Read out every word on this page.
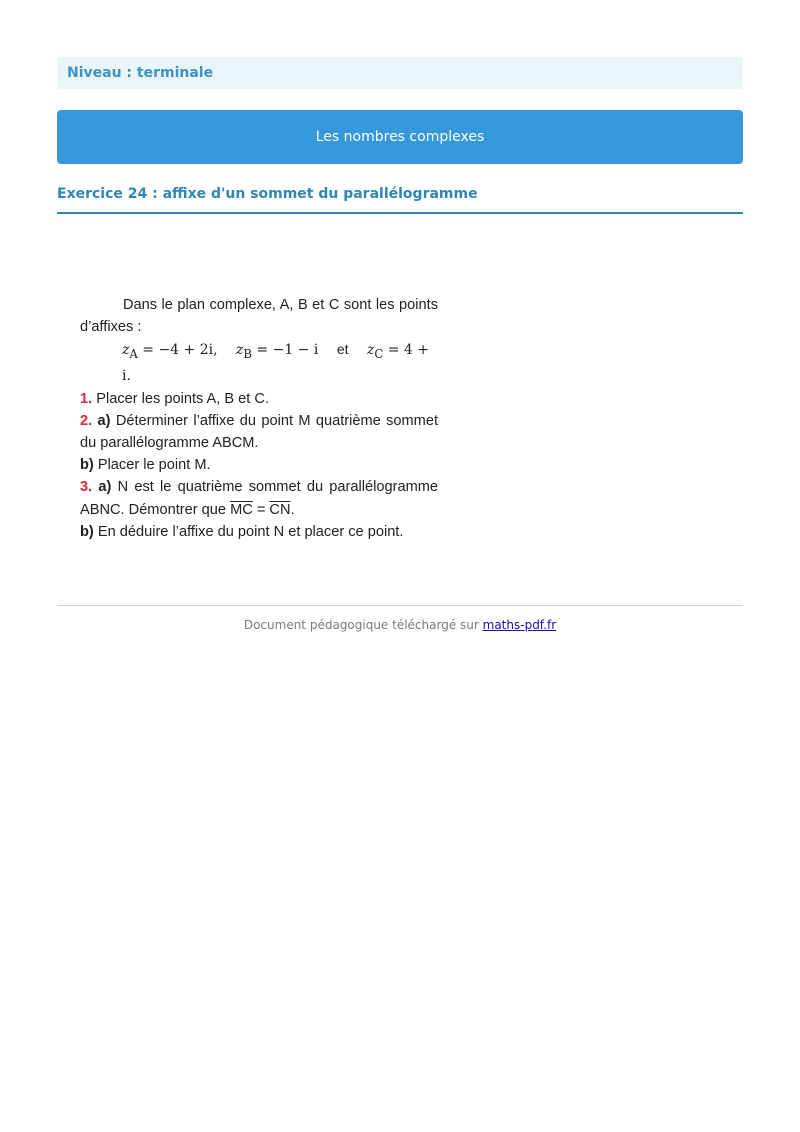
Niveau : terminale
Les nombres complexes
Exercice 24 : affixe d'un sommet du parallélogramme

Dans le plan complexe, A, B et C sont les points d’affixes :

$z_A = -4 + 2i$, $z_B = -1 - i$ et $z_C = 4 + i$.

1. Placer les points A, B et C.

2. a) Déterminer l’affixe du point M quatrième sommet du parallélogramme ABCM.

b) Placer le point M.

3. a) N est le quatrième sommet du parallélogramme ABNC. Démontrer que $\overline{MC} = \overline{CN}$.

b) En déduire l’affixe du point N et placer ce point.

Document pédagogique téléchargé sur maths-pdf.fr
